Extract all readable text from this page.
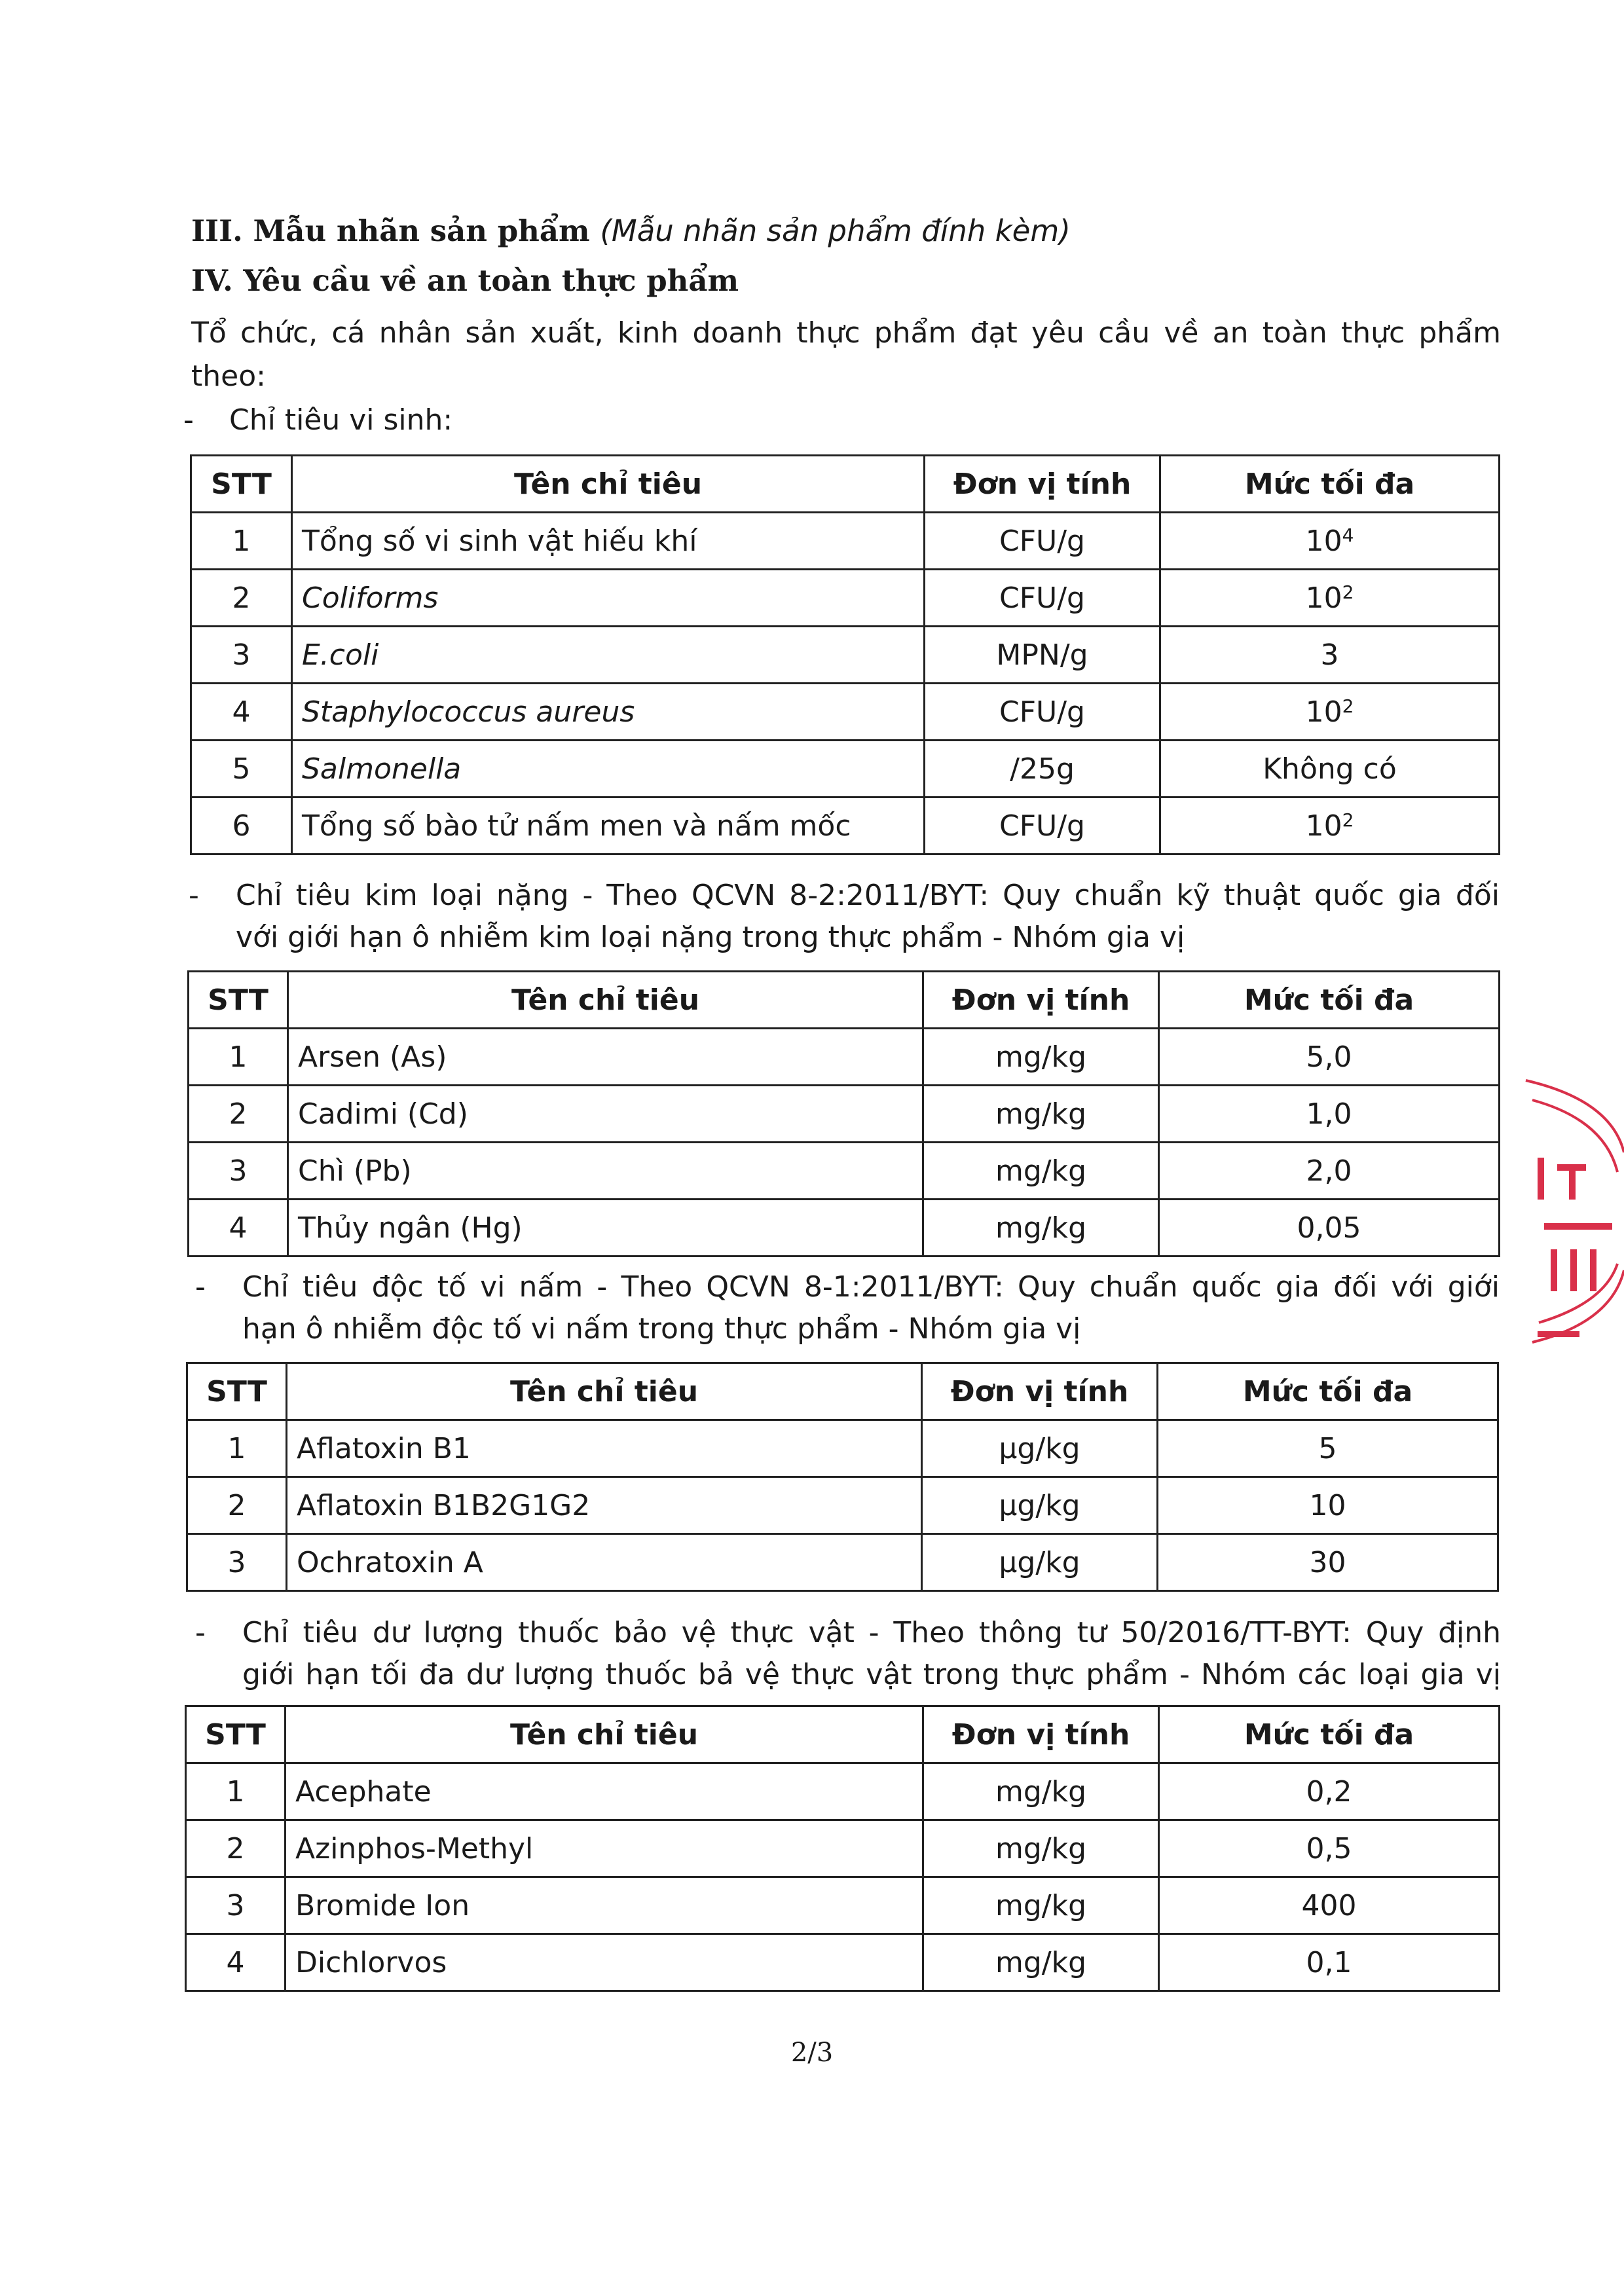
III. Mẫu nhãn sản phẩm (Mẫu nhãn sản phẩm đính kèm)
IV. Yêu cầu về an toàn thực phẩm
Tổ chức, cá nhân sản xuất, kinh doanh thực phẩm đạt yêu cầu về an toàn thực phẩm
theo:
- Chỉ tiêu vi sinh:
STT	Tên chỉ tiêu	Đơn vị tính	Mức tối đa
1	Tổng số vi sinh vật hiếu khí	CFU/g	$10^4$
2	Coliforms	CFU/g	$10^2$
3	E.coli	MPN/g	3
4	Staphylococcus aureus	CFU/g	$10^2$
5	Salmonella	/25g	Không có
6	Tổng số bào tử nấm men và nấm mốc	CFU/g	$10^2$
- Chỉ tiêu kim loại nặng - Theo QCVN 8-2:2011/BYT: Quy chuẩn kỹ thuật quốc gia đối
với giới hạn ô nhiễm kim loại nặng trong thực phẩm - Nhóm gia vị
STT	Tên chỉ tiêu	Đơn vị tính	Mức tối đa
1	Arsen (As)	mg/kg	5,0
2	Cadimi (Cd)	mg/kg	1,0
3	Chì (Pb)	mg/kg	2,0
4	Thủy ngân (Hg)	mg/kg	0,05
- Chỉ tiêu độc tố vi nấm - Theo QCVN 8-1:2011/BYT: Quy chuẩn quốc gia đối với giới
hạn ô nhiễm độc tố vi nấm trong thực phẩm - Nhóm gia vị
STT	Tên chỉ tiêu	Đơn vị tính	Mức tối đa
1	Aflatoxin B1	µg/kg	5
2	Aflatoxin B1B2G1G2	µg/kg	10
3	Ochratoxin A	µg/kg	30
- Chỉ tiêu dư lượng thuốc bảo vệ thực vật - Theo thông tư 50/2016/TT-BYT: Quy định
giới hạn tối đa dư lượng thuốc bả vệ thực vật trong thực phẩm - Nhóm các loại gia vị
STT	Tên chỉ tiêu	Đơn vị tính	Mức tối đa
1	Acephate	mg/kg	0,2
2	Azinphos-Methyl	mg/kg	0,5
3	Bromide Ion	mg/kg	400
4	Dichlorvos	mg/kg	0,1
2/3
